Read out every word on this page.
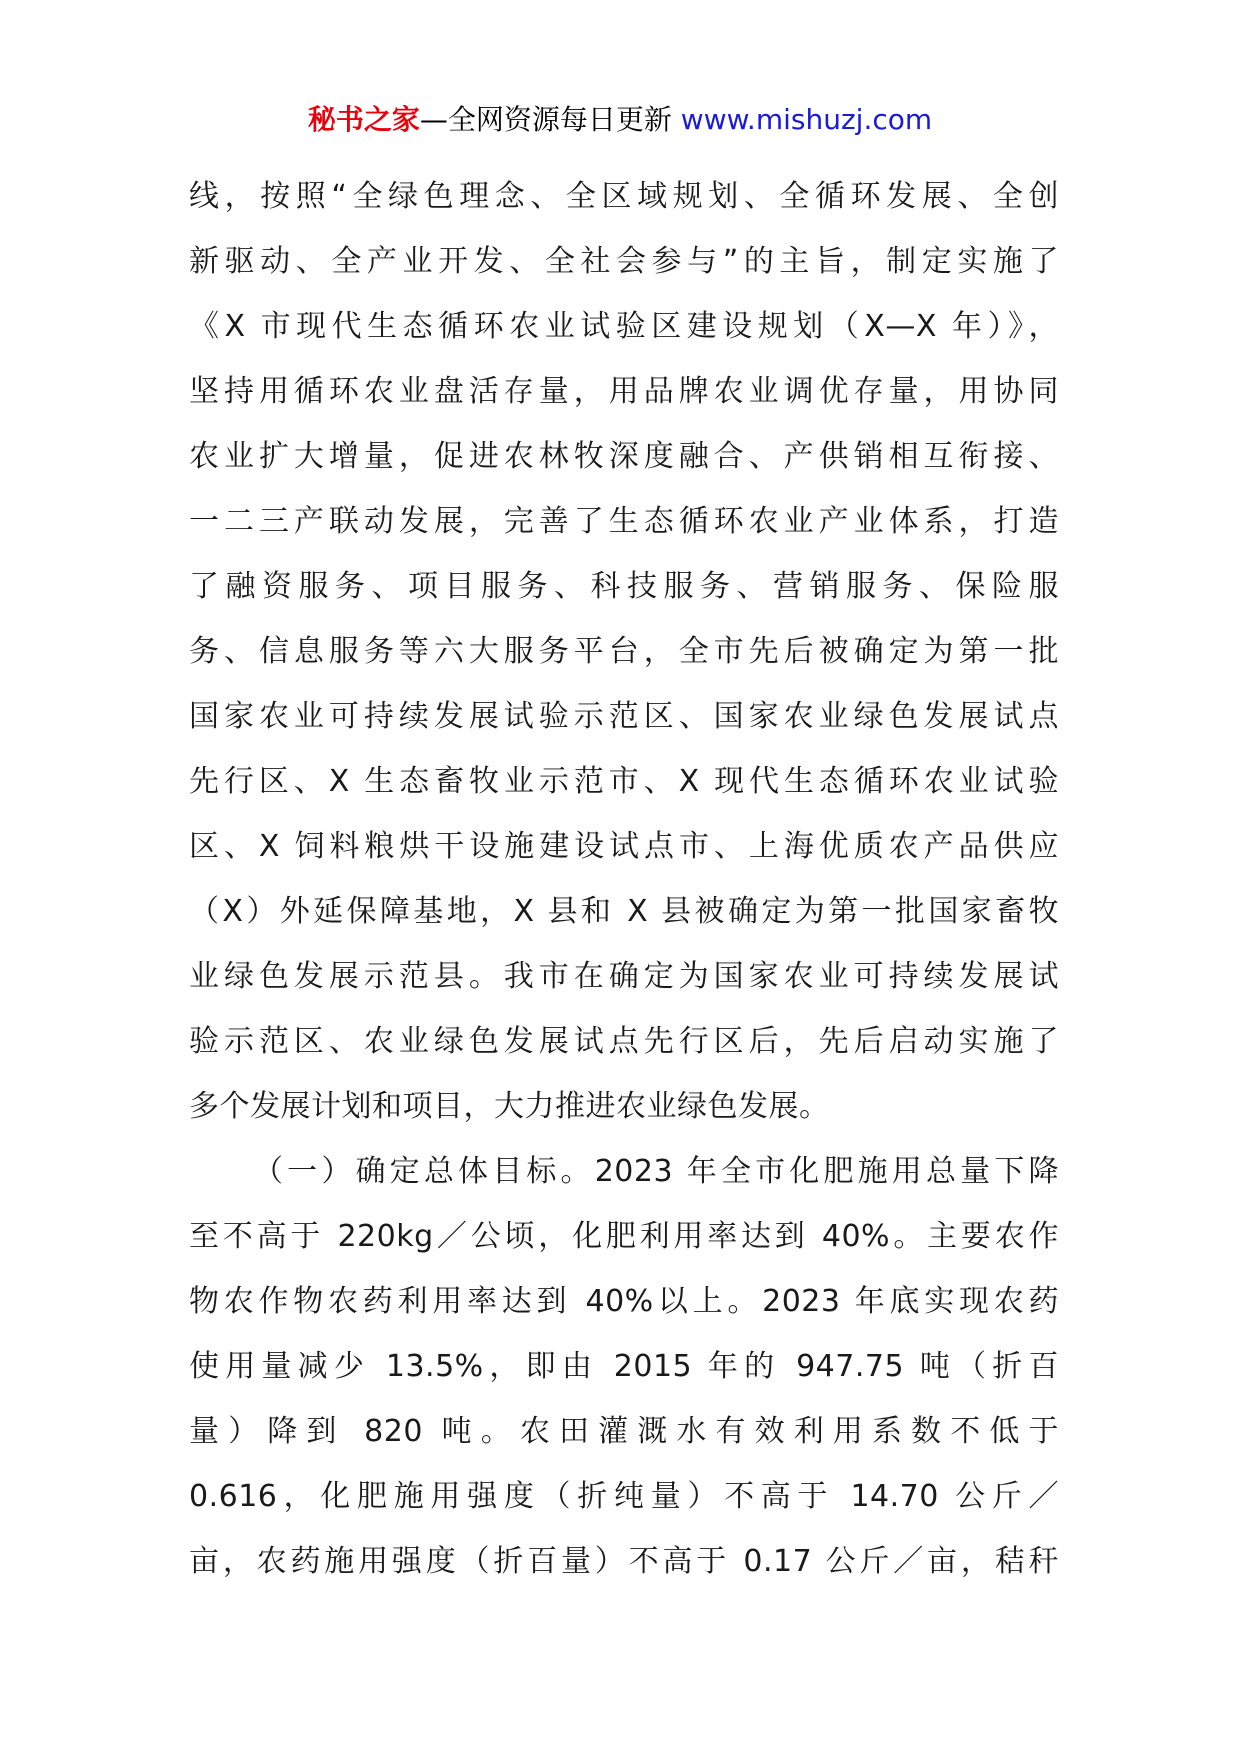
秘书之家—全网资源每日更新 www.mishuzj.com
线，按照“全绿色理念、全区域规划、全循环发展、全创
新驱动、全产业开发、全社会参与”的主旨，制定实施了
《X 市现代生态循环农业试验区建设规划（X—X 年）》，
坚持用循环农业盘活存量，用品牌农业调优存量，用协同
农业扩大增量，促进农林牧深度融合、产供销相互衔接、
一二三产联动发展，完善了生态循环农业产业体系，打造
了融资服务、项目服务、科技服务、营销服务、保险服
务、信息服务等六大服务平台，全市先后被确定为第一批
国家农业可持续发展试验示范区、国家农业绿色发展试点
先行区、X 生态畜牧业示范市、X 现代生态循环农业试验
区、X 饲料粮烘干设施建设试点市、上海优质农产品供应
（X）外延保障基地，X 县和 X 县被确定为第一批国家畜牧
业绿色发展示范县。我市在确定为国家农业可持续发展试
验示范区、农业绿色发展试点先行区后，先后启动实施了
多个发展计划和项目，大力推进农业绿色发展。
（一）确定总体目标。2023 年全市化肥施用总量下降
至不高于 220kg／公顷，化肥利用率达到 40%。主要农作
物农作物农药利用率达到 40%以上。2023 年底实现农药
使用量减少 13.5%，即由 2015 年的 947.75 吨（折百
量）降到 820 吨。农田灌溉水有效利用系数不低于
0.616，化肥施用强度（折纯量）不高于 14.70 公斤／
亩，农药施用强度（折百量）不高于 0.17 公斤／亩，秸秆
